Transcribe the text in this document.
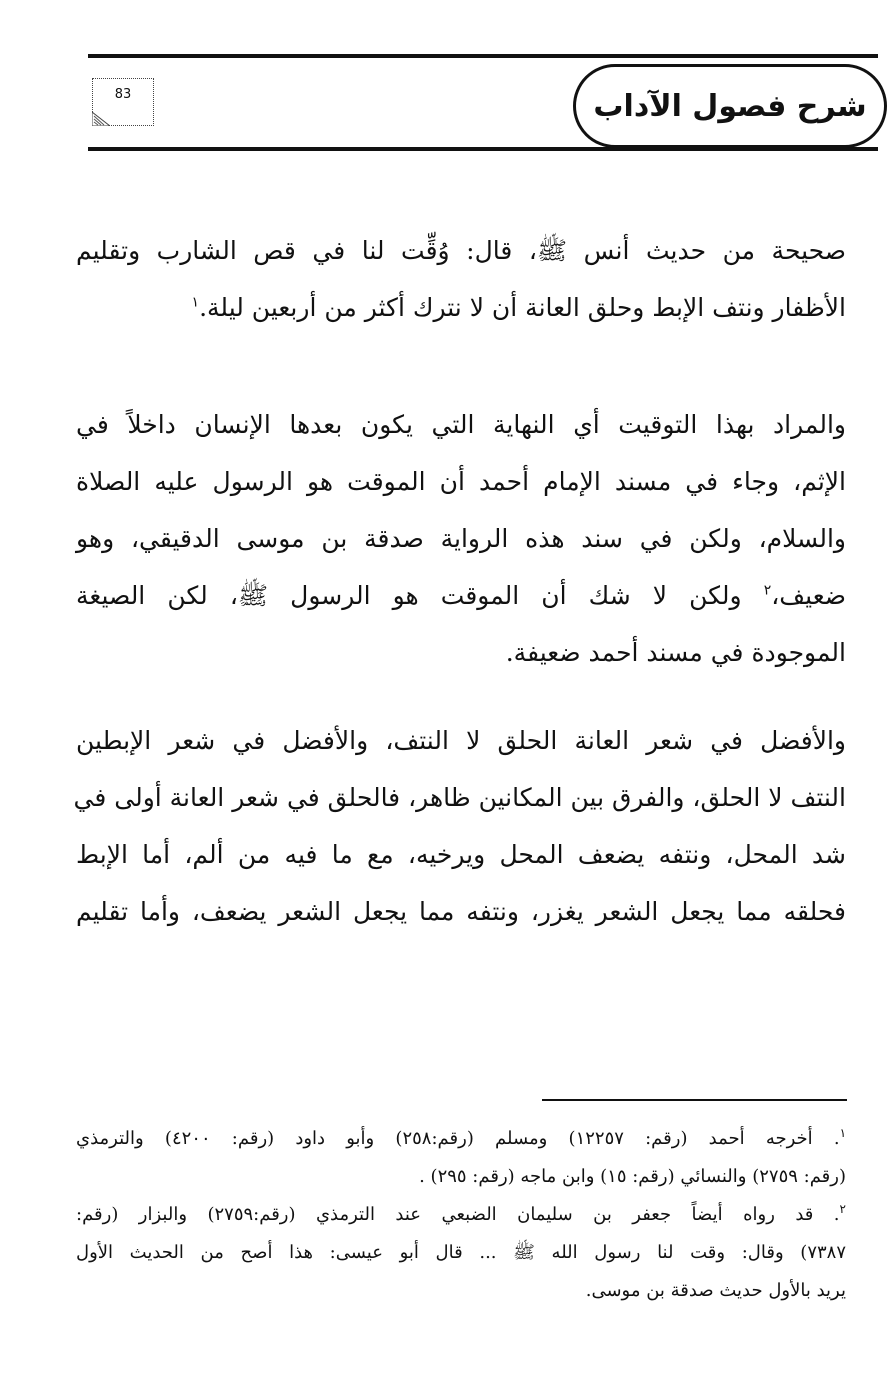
شرح فصول الآداب
83
صحيحة من حديث أنس ﷺ، قال: وُقِّت لنا في قص الشارب وتقليم
الأظفار ونتف الإبط وحلق العانة أن لا نترك أكثر من أربعين ليلة.$^١$
والمراد بهذا التوقيت أي النهاية التي يكون بعدها الإنسان داخلاً في
الإثم، وجاء في مسند الإمام أحمد أن الموقت هو الرسول عليه الصلاة
والسلام، ولكن في سند هذه الرواية صدقة بن موسى الدقيقي، وهو
ضعيف،$^٢$ ولكن لا شك أن الموقت هو الرسول ﷺ، لكن الصيغة
الموجودة في مسند أحمد ضعيفة.
والأفضل في شعر العانة الحلق لا النتف، والأفضل في شعر الإبطين
النتف لا الحلق، والفرق بين المكانين ظاهر، فالحلق في شعر العانة أولى في
شد المحل، ونتفه يضعف المحل ويرخيه، مع ما فيه من ألم، أما الإبط
فحلقه مما يجعل الشعر يغزر، ونتفه مما يجعل الشعر يضعف، وأما تقليم
$^١$. أخرجه أحمد (رقم: ١٢٢٥٧) ومسلم (رقم:٢٥٨) وأبو داود (رقم: ٤٢٠٠) والترمذي
(رقم: ٢٧٥٩) والنسائي (رقم: ١٥) وابن ماجه (رقم: ٢٩٥) .
$^٢$. قد رواه أيضاً جعفر بن سليمان الضبعي عند الترمذي (رقم:٢٧٥٩) والبزار (رقم:
٧٣٨٧) وقال: وقت لنا رسول الله ﷺ ... قال أبو عيسى: هذا أصح من الحديث الأول
يريد بالأول حديث صدقة بن موسى.
